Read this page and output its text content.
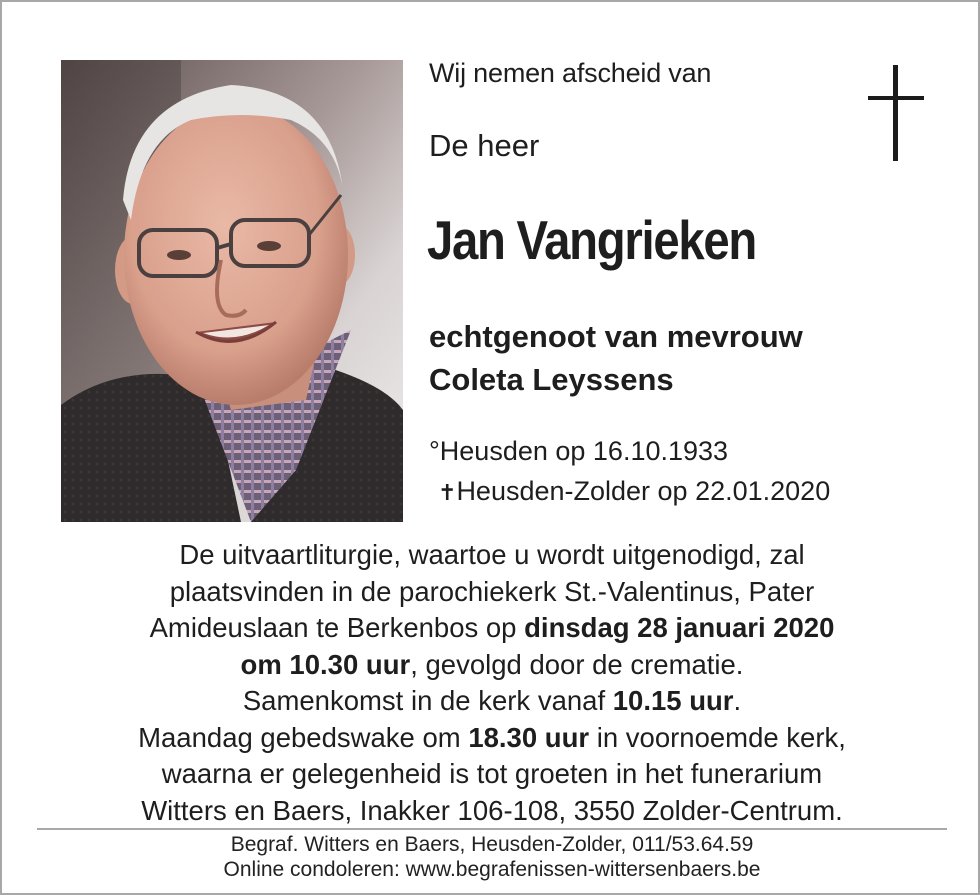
Wij nemen afscheid van
De heer
Jan Vangrieken
echtgenoot van mevrouw
Coleta Leyssens
°Heusden op 16.10.1933
✝Heusden-Zolder op 22.01.2020
De uitvaartliturgie, waartoe u wordt uitgenodigd, zal
plaatsvinden in de parochiekerk St.-Valentinus, Pater
Amideuslaan te Berkenbos op dinsdag 28 januari 2020
om 10.30 uur, gevolgd door de crematie.
Samenkomst in de kerk vanaf 10.15 uur.
Maandag gebedswake om 18.30 uur in voornoemde kerk,
waarna er gelegenheid is tot groeten in het funerarium
Witters en Baers, Inakker 106-108, 3550 Zolder-Centrum.
Begraf. Witters en Baers, Heusden-Zolder, 011/53.64.59
Online condoleren: www.begrafenissen-wittersenbaers.be
